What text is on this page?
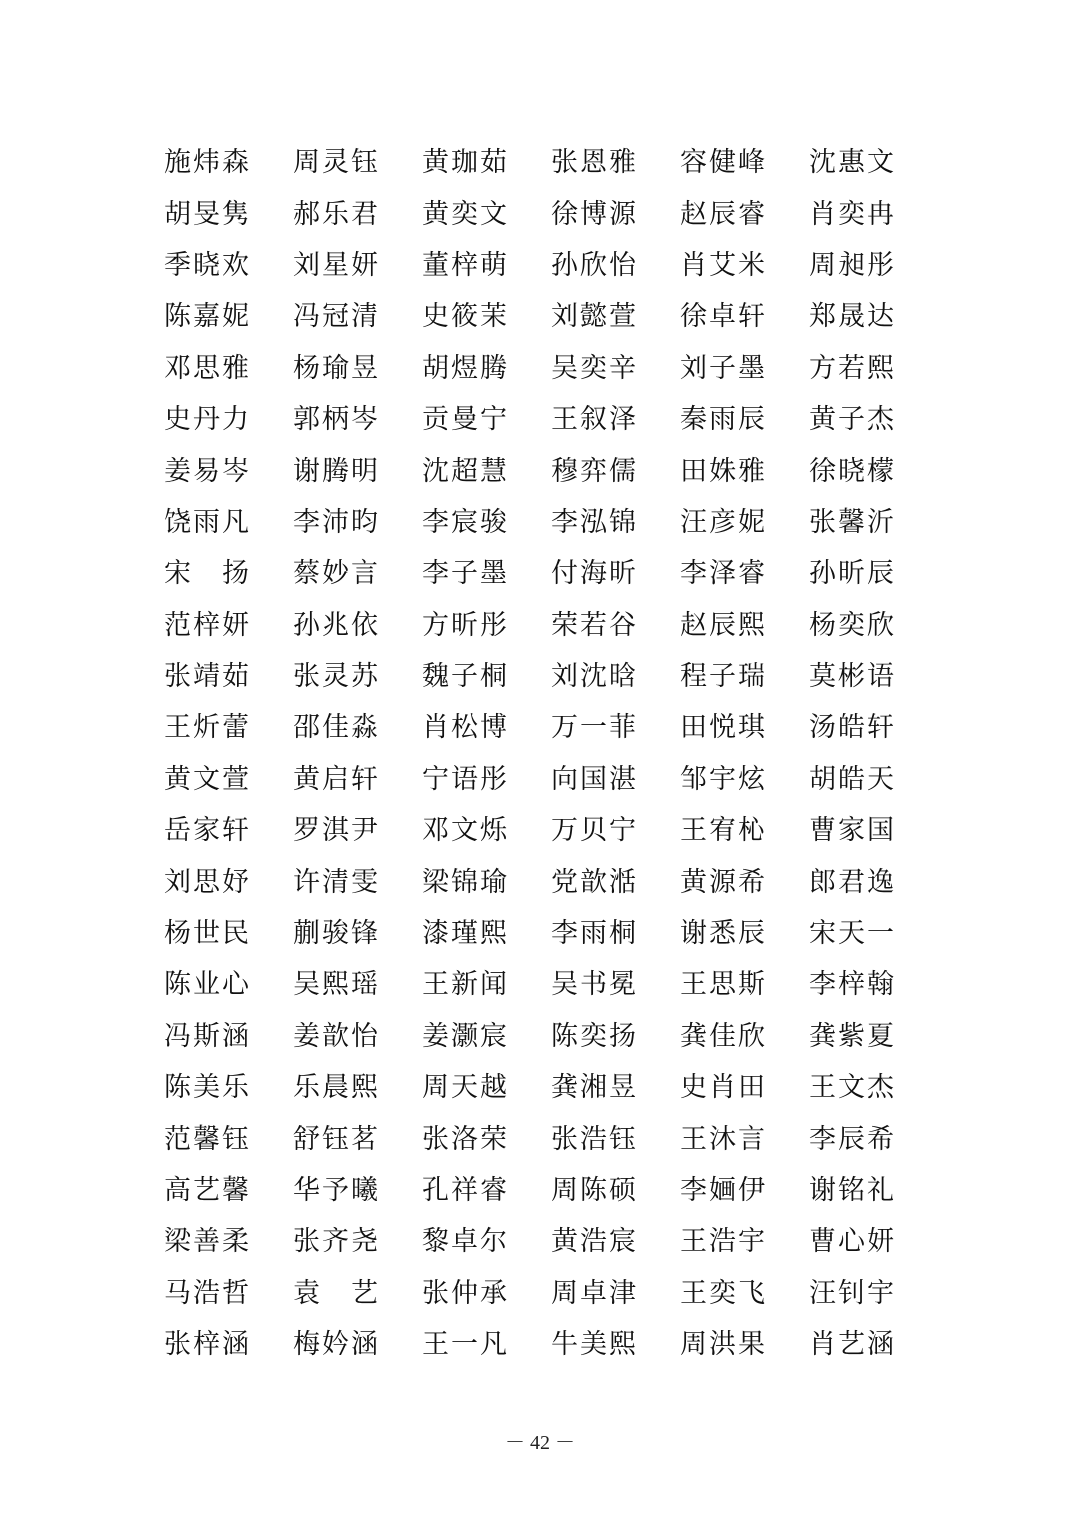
施炜森	周灵钰	黄珈茹	张恩雅	容健峰	沈惠文
胡旻隽	郝乐君	黄奕文	徐博源	赵辰睿	肖奕冉
季晓欢	刘星妍	董梓萌	孙欣怡	肖艾米	周昶彤
陈嘉妮	冯冠清	史筱茉	刘懿萱	徐卓轩	郑晟达
邓思雅	杨瑜昱	胡煜腾	吴奕辛	刘子墨	方若熙
史丹力	郭柄岑	贡曼宁	王叙泽	秦雨辰	黄子杰
姜易岑	谢腾明	沈超慧	穆弈儒	田姝雅	徐晓檬
饶雨凡	李沛昀	李宸骏	李泓锦	汪彦妮	张馨沂
宋　扬	蔡妙言	李子墨	付海昕	李泽睿	孙昕辰
范梓妍	孙兆依	方昕彤	荣若谷	赵辰熙	杨奕欣
张靖茹	张灵苏	魏子桐	刘沈晗	程子瑞	莫彬语
王炘蕾	邵佳淼	肖松博	万一菲	田悦琪	汤皓轩
黄文萱	黄启轩	宁语彤	向国湛	邹宇炫	胡皓天
岳家轩	罗淇尹	邓文烁	万贝宁	王宥杺	曹家国
刘思妤	许清雯	梁锦瑜	党歆湉	黄源希	郎君逸
杨世民	蒯骏锋	漆瑾熙	李雨桐	谢悉辰	宋天一
陈业心	吴熙瑶	王新闻	吴书冕	王思斯	李梓翰
冯斯涵	姜歆怡	姜灏宸	陈奕扬	龚佳欣	龚紫夏
陈美乐	乐晨熙	周天越	龚湘昱	史肖田	王文杰
范馨钰	舒钰茗	张洛荣	张浩钰	王沐言	李辰希
高艺馨	华予曦	孔祥睿	周陈硕	李婳伊	谢铭礼
梁善柔	张齐尧	黎卓尔	黄浩宸	王浩宇	曹心妍
马浩哲	袁　艺	张仲承	周卓津	王奕飞	汪钊宇
张梓涵	梅妗涵	王一凡	牛美熙	周洪果	肖艺涵
－ 42 －
